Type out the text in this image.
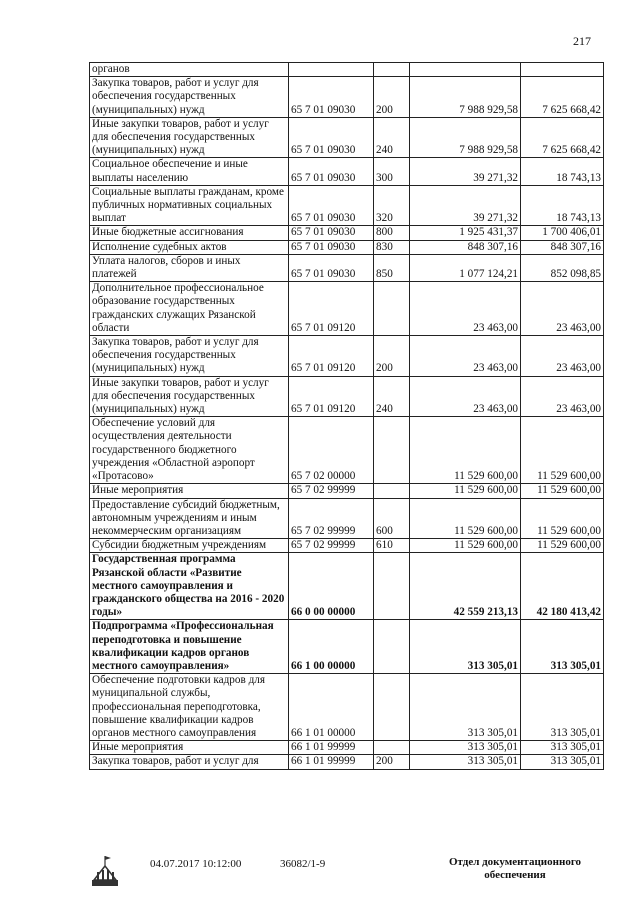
217
органов				
Закупка товаров, работ и услуг для обеспечения государственных (муниципальных) нужд	65 7 01 09030	200	7 988 929,58	7 625 668,42
Иные закупки товаров, работ и услуг для обеспечения государственных (муниципальных) нужд	65 7 01 09030	240	7 988 929,58	7 625 668,42
Социальное обеспечение и иные выплаты населению	65 7 01 09030	300	39 271,32	18 743,13
Социальные выплаты гражданам, кроме публичных нормативных социальных выплат	65 7 01 09030	320	39 271,32	18 743,13
Иные бюджетные ассигнования	65 7 01 09030	800	1 925 431,37	1 700 406,01
Исполнение судебных актов	65 7 01 09030	830	848 307,16	848 307,16
Уплата налогов, сборов и иных платежей	65 7 01 09030	850	1 077 124,21	852 098,85
Дополнительное профессиональное образование государственных гражданских служащих Рязанской области	65 7 01 09120		23 463,00	23 463,00
Закупка товаров, работ и услуг для обеспечения государственных (муниципальных) нужд	65 7 01 09120	200	23 463,00	23 463,00
Иные закупки товаров, работ и услуг для обеспечения государственных (муниципальных) нужд	65 7 01 09120	240	23 463,00	23 463,00
Обеспечение условий для осуществления деятельности государственного бюджетного учреждения «Областной аэропорт «Протасово»	65 7 02 00000		11 529 600,00	11 529 600,00
Иные мероприятия	65 7 02 99999		11 529 600,00	11 529 600,00
Предоставление субсидий бюджетным, автономным учреждениям и иным некоммерческим организациям	65 7 02 99999	600	11 529 600,00	11 529 600,00
Субсидии бюджетным учреждениям	65 7 02 99999	610	11 529 600,00	11 529 600,00
Государственная программа Рязанской области «Развитие местного самоуправления и гражданского общества на 2016 - 2020 годы»	66 0 00 00000		42 559 213,13	42 180 413,42
Подпрограмма «Профессиональная переподготовка и повышение квалификации кадров органов местного самоуправления»	66 1 00 00000		313 305,01	313 305,01
Обеспечение подготовки кадров для муниципальной службы, профессиональная переподготовка, повышение квалификации кадров органов местного самоуправления	66 1 01 00000		313 305,01	313 305,01
Иные мероприятия	66 1 01 99999		313 305,01	313 305,01
Закупка товаров, работ и услуг для	66 1 01 99999	200	313 305,01	313 305,01
04.07.2017 10:12:00	36082/1-9	Отдел документационного
обеспечения
